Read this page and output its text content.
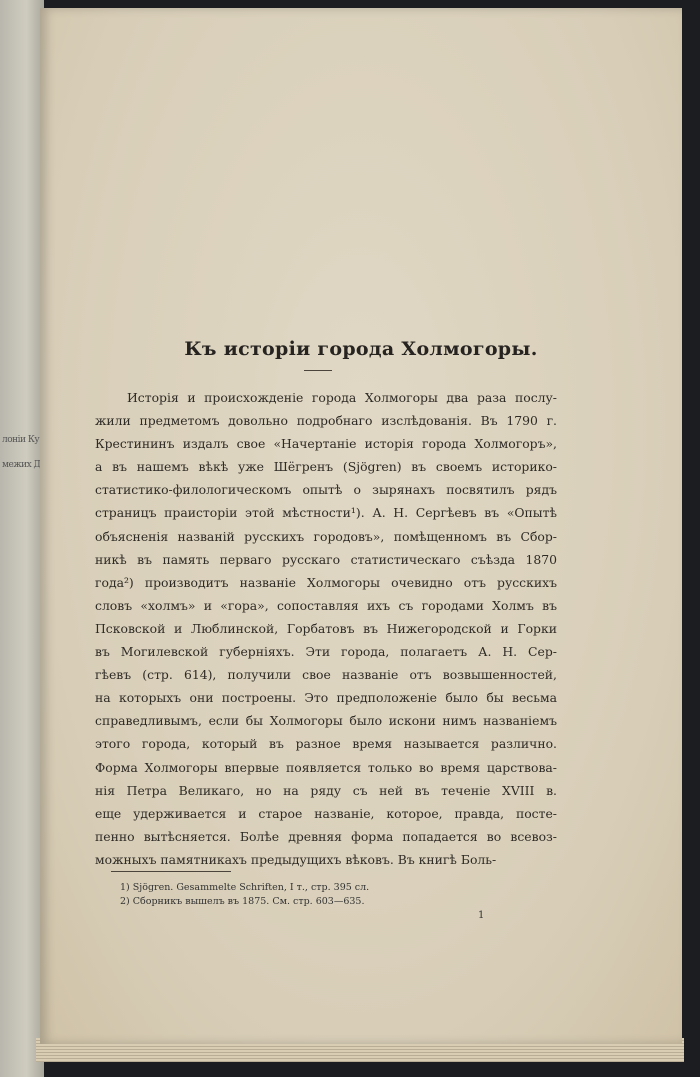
лоніи Ку
межих Д
Къ исторіи города Холмогоры.
Исторія и происхожденіе города Холмогоры два раза послу-
жили предметомъ довольно подробнаго изслѣдованія. Въ 1790 г.
Крестининъ издалъ свое «Начертаніе исторія города Холмогоръ»,
а въ нашемъ вѣкѣ уже Шёгренъ (Sjögren) въ своемъ историко-
статистико-филологическомъ опытѣ о зырянахъ посвятилъ рядъ
страницъ праисторіи этой мѣстности¹). А. Н. Сергѣевъ въ «Опытѣ
объясненія названій русскихъ городовъ», помѣщенномъ въ Сбор-
никѣ въ память перваго русскаго статистическаго съѣзда 1870
года²) производитъ названіе Холмогоры очевидно отъ русскихъ
словъ «холмъ» и «гора», сопоставляя ихъ съ городами Холмъ въ
Псковской и Люблинской, Горбатовъ въ Нижегородской и Горки
въ Могилевской губерніяхъ. Эти города, полагаетъ А. Н. Сер-
гѣевъ (стр. 614), получили свое названіе отъ возвышенностей,
на которыхъ они построены. Это предположеніе было бы весьма
справедливымъ, если бы Холмогоры было искони нимъ названіемъ
этого города, который въ разное время называется различно.
Форма Холмогоры впервые появляется только во время царствова-
нія Петра Великаго, но на ряду съ ней въ теченіе XVIII в.
еще удерживается и старое названіе, которое, правда, посте-
пенно вытѣсняется. Болѣе древняя форма попадается во всевоз-
можныхъ памятникахъ предыдущихъ вѣковъ. Въ книгѣ Боль-
1) Sjögren. Gesammelte Schriften, I т., стр. 395 сл.
2) Сборникъ вышелъ въ 1875. См. стр. 603—635.
1
